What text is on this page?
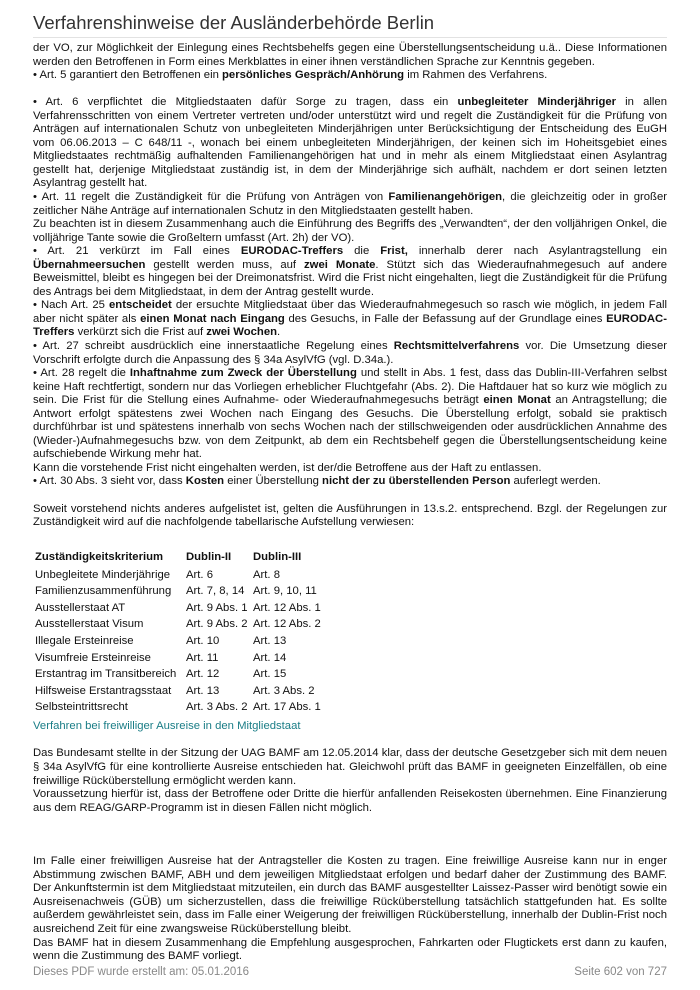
Verfahrenshinweise der Ausländerbehörde Berlin

der VO, zur Möglichkeit der Einlegung eines Rechtsbehelfs gegen eine Überstellungsentscheidung u.ä.. Diese Informationen werden den Betroffenen in Form eines Merkblattes in einer ihnen verständlichen Sprache zur Kenntnis gegeben.

• Art. 5 garantiert den Betroffenen ein persönliches Gespräch/Anhörung im Rahmen des Verfahrens.

• Art. 6 verpflichtet die Mitgliedstaaten dafür Sorge zu tragen, dass ein unbegleiteter Minderjähriger in allen Verfahrensschritten von einem Vertreter vertreten und/oder unterstützt wird und regelt die Zuständigkeit für die Prüfung von Anträgen auf internationalen Schutz von unbegleiteten Minderjährigen unter Berücksichtigung der Entscheidung des EuGH vom 06.06.2013 – C 648/11 -, wonach bei einem unbegleiteten Minderjährigen, der keinen sich im Hoheitsgebiet eines Mitgliedstaates rechtmäßig aufhaltenden Familienangehörigen hat und in mehr als einem Mitgliedstaat einen Asylantrag gestellt hat, derjenige Mitgliedstaat zuständig ist, in dem der Minderjährige sich aufhält, nachdem er dort seinen letzten Asylantrag gestellt hat.

• Art. 11 regelt die Zuständigkeit für die Prüfung von Anträgen von Familienangehörigen, die gleichzeitig oder in großer zeitlicher Nähe Anträge auf internationalen Schutz in den Mitgliedstaaten gestellt haben.

Zu beachten ist in diesem Zusammenhang auch die Einführung des Begriffs des „Verwandten“, der den volljährigen Onkel, die volljährige Tante sowie die Großeltern umfasst (Art. 2h) der VO).

• Art. 21 verkürzt im Fall eines EURODAC-Treffers die Frist, innerhalb derer nach Asylantragstellung ein Übernahmeersuchen gestellt werden muss, auf zwei Monate. Stützt sich das Wiederaufnahmegesuch auf andere Beweismittel, bleibt es hingegen bei der Dreimonatsfrist. Wird die Frist nicht eingehalten, liegt die Zuständigkeit für die Prüfung des Antrags bei dem Mitgliedstaat, in dem der Antrag gestellt wurde.

• Nach Art. 25 entscheidet der ersuchte Mitgliedstaat über das Wiederaufnahmegesuch so rasch wie möglich, in jedem Fall aber nicht später als einen Monat nach Eingang des Gesuchs, in Falle der Befassung auf der Grundlage eines EURODAC-Treffers verkürzt sich die Frist auf zwei Wochen.

• Art. 27 schreibt ausdrücklich eine innerstaatliche Regelung eines Rechtsmittelverfahrens vor. Die Umsetzung dieser Vorschrift erfolgte durch die Anpassung des § 34a AsylVfG (vgl. D.34a.).

• Art. 28 regelt die Inhaftnahme zum Zweck der Überstellung und stellt in Abs. 1 fest, dass das Dublin-III-Verfahren selbst keine Haft rechtfertigt, sondern nur das Vorliegen erheblicher Fluchtgefahr (Abs. 2). Die Haftdauer hat so kurz wie möglich zu sein. Die Frist für die Stellung eines Aufnahme- oder Wiederaufnahmegesuchs beträgt einen Monat an Antragstellung; die Antwort erfolgt spätestens zwei Wochen nach Eingang des Gesuchs. Die Überstellung erfolgt, sobald sie praktisch durchführbar ist und spätestens innerhalb von sechs Wochen nach der stillschweigenden oder ausdrücklichen Annahme des (Wieder-)Aufnahmegesuchs bzw. von dem Zeitpunkt, ab dem ein Rechtsbehelf gegen die Überstellungsentscheidung keine aufschiebende Wirkung mehr hat.

Kann die vorstehende Frist nicht eingehalten werden, ist der/die Betroffene aus der Haft zu entlassen.

• Art. 30 Abs. 3 sieht vor, dass Kosten einer Überstellung nicht der zu überstellenden Person auferlegt werden.

Soweit vorstehend nichts anderes aufgelistet ist, gelten die Ausführungen in 13.s.2. entsprechend. Bzgl. der Regelungen zur Zuständigkeit wird auf die nachfolgende tabellarische Aufstellung verwiesen:

Zuständigkeitskriterium	Dublin-II	Dublin-III
Unbegleitete Minderjährige	Art. 6	Art. 8
Familienzusammenführung	Art. 7, 8, 14	Art. 9, 10, 11
Ausstellerstaat AT	Art. 9 Abs. 1	Art. 12 Abs. 1
Ausstellerstaat Visum	Art. 9 Abs. 2	Art. 12 Abs. 2
Illegale Ersteinreise	Art. 10	Art. 13
Visumfreie Ersteinreise	Art. 11	Art. 14
Erstantrag im Transitbereich	Art. 12	Art. 15
Hilfsweise Erstantragsstaat	Art. 13	Art. 3 Abs. 2
Selbsteintrittsrecht	Art. 3 Abs. 2	Art. 17 Abs. 1
Verfahren bei freiwilliger Ausreise in den Mitgliedstaat

Das Bundesamt stellte in der Sitzung der UAG BAMF am 12.05.2014 klar, dass der deutsche Gesetzgeber sich mit dem neuen § 34a AsylVfG für eine kontrollierte Ausreise entschieden hat. Gleichwohl prüft das BAMF in geeigneten Einzelfällen, ob eine freiwillige Rücküberstellung ermöglicht werden kann.

Voraussetzung hierfür ist, dass der Betroffene oder Dritte die hierfür anfallenden Reisekosten übernehmen. Eine Finanzierung aus dem REAG/GARP-Programm ist in diesen Fällen nicht möglich.

Im Falle einer freiwilligen Ausreise hat der Antragsteller die Kosten zu tragen. Eine freiwillige Ausreise kann nur in enger Abstimmung zwischen BAMF, ABH und dem jeweiligen Mitgliedstaat erfolgen und bedarf daher der Zustimmung des BAMF. Der Ankunftstermin ist dem Mitgliedstaat mitzuteilen, ein durch das BAMF ausgestellter Laissez-Passer wird benötigt sowie ein Ausreisenachweis (GÜB) um sicherzustellen, dass die freiwillige Rücküberstellung tatsächlich stattgefunden hat. Es sollte außerdem gewährleistet sein, dass im Falle einer Weigerung der freiwilligen Rücküberstellung, innerhalb der Dublin-Frist noch ausreichend Zeit für eine zwangsweise Rücküberstellung bleibt.

Das BAMF hat in diesem Zusammenhang die Empfehlung ausgesprochen, Fahrkarten oder Flugtickets erst dann zu kaufen, wenn die Zustimmung des BAMF vorliegt.

Dieses PDF wurde erstellt am: 05.01.2016	Seite 602 von 727
